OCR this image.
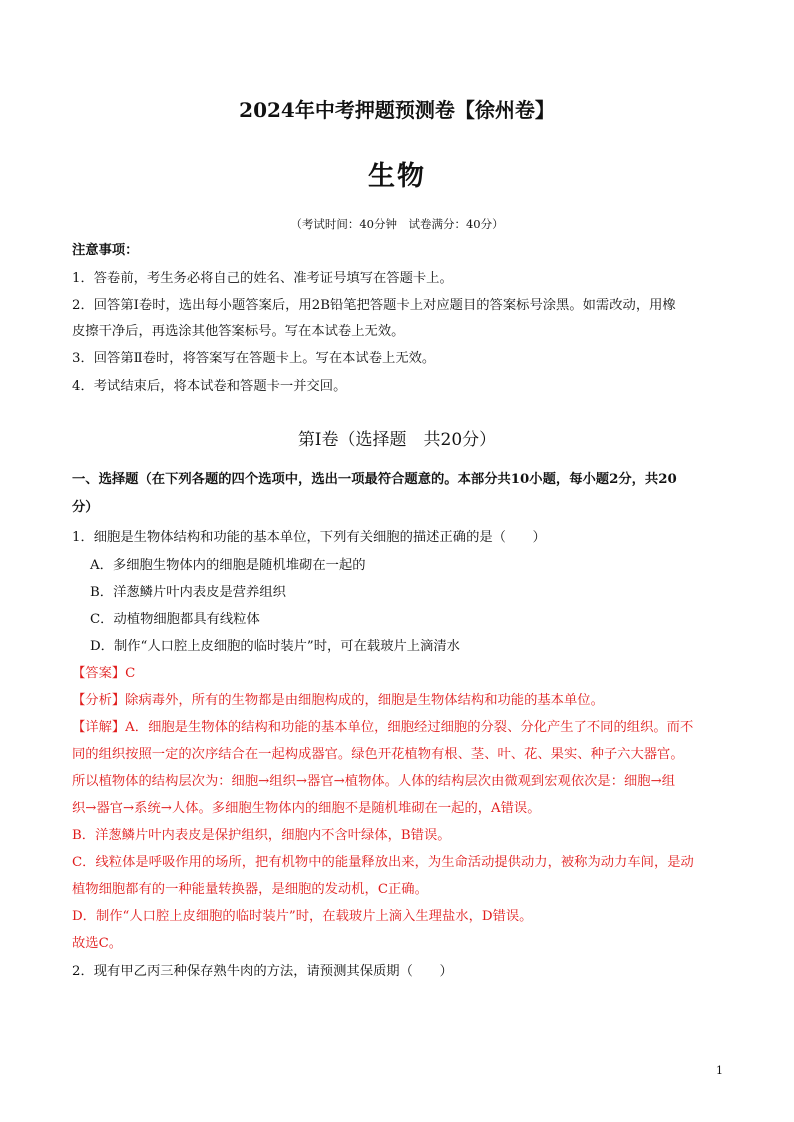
2024年中考押题预测卷【徐州卷】
生物
（考试时间：40分钟　试卷满分：40分）
注意事项：
1．答卷前，考生务必将自己的姓名、准考证号填写在答题卡上。
2．回答第Ⅰ卷时，选出每小题答案后，用2B铅笔把答题卡上对应题目的答案标号涂黑。如需改动，用橡
皮擦干净后，再选涂其他答案标号。写在本试卷上无效。
3．回答第Ⅱ卷时，将答案写在答题卡上。写在本试卷上无效。
4．考试结束后，将本试卷和答题卡一并交回。
第Ⅰ卷（选择题　共20分）
一、选择题（在下列各题的四个选项中，选出一项最符合题意的。本部分共10小题，每小题2分，共20
分）
1．细胞是生物体结构和功能的基本单位，下列有关细胞的描述正确的是（　　）
A．多细胞生物体内的细胞是随机堆砌在一起的
B．洋葱鳞片叶内表皮是营养组织
C．动植物细胞都具有线粒体
D．制作“人口腔上皮细胞的临时装片”时，可在载玻片上滴清水
【答案】C
【分析】除病毒外，所有的生物都是由细胞构成的，细胞是生物体结构和功能的基本单位。
【详解】A．细胞是生物体的结构和功能的基本单位，细胞经过细胞的分裂、分化产生了不同的组织。而不
同的组织按照一定的次序结合在一起构成器官。绿色开花植物有根、茎、叶、花、果实、种子六大器官。
所以植物体的结构层次为：细胞→组织→器官→植物体。人体的结构层次由微观到宏观依次是：细胞→组
织→器官→系统→人体。多细胞生物体内的细胞不是随机堆砌在一起的，A错误。
B．洋葱鳞片叶内表皮是保护组织，细胞内不含叶绿体，B错误。
C．线粒体是呼吸作用的场所，把有机物中的能量释放出来，为生命活动提供动力，被称为动力车间，是动
植物细胞都有的一种能量转换器，是细胞的发动机，C正确。
D．制作“人口腔上皮细胞的临时装片”时，在载玻片上滴入生理盐水，D错误。
故选C。
2．现有甲乙丙三种保存熟牛肉的方法，请预测其保质期（　　）
1
